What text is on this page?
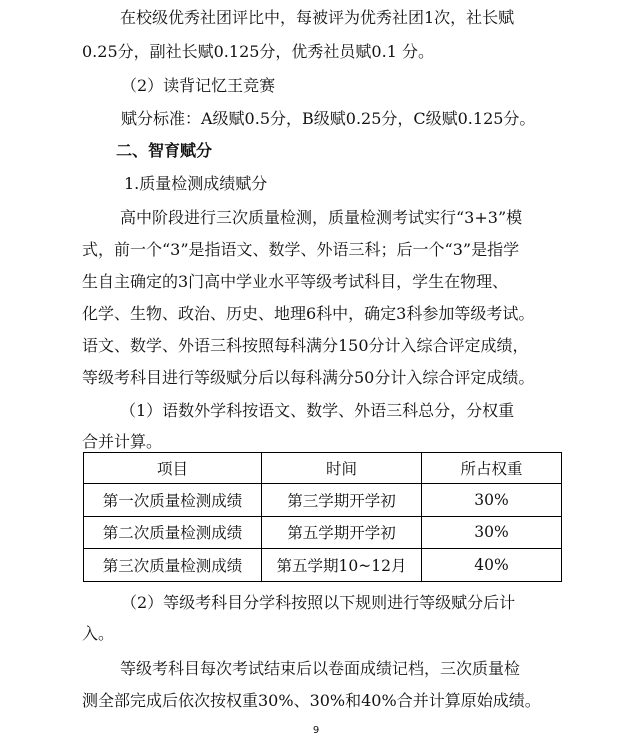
在校级优秀社团评比中，每被评为优秀社团1次，社长赋
0.25分，副社长赋0.125分，优秀社员赋0.1 分。
（2）读背记忆王竞赛
赋分标准：A级赋0.5分，B级赋0.25分，C级赋0.125分。
二、智育赋分
1.质量检测成绩赋分
高中阶段进行三次质量检测，质量检测考试实行“3+3”模
式，前一个“3”是指语文、数学、外语三科；后一个“3”是指学
生自主确定的3门高中学业水平等级考试科目，学生在物理、
化学、生物、政治、历史、地理6科中，确定3科参加等级考试。
语文、数学、外语三科按照每科满分150分计入综合评定成绩，
等级考科目进行等级赋分后以每科满分50分计入综合评定成绩。
（1）语数外学科按语文、数学、外语三科总分，分权重
合并计算。
项目	时间	所占权重
第一次质量检测成绩	第三学期开学初	30%
第二次质量检测成绩	第五学期开学初	30%
第三次质量检测成绩	第五学期10~12月	40%
（2）等级考科目分学科按照以下规则进行等级赋分后计
入。
等级考科目每次考试结束后以卷面成绩记档，三次质量检
测全部完成后依次按权重30%、30%和40%合并计算原始成绩。
9
